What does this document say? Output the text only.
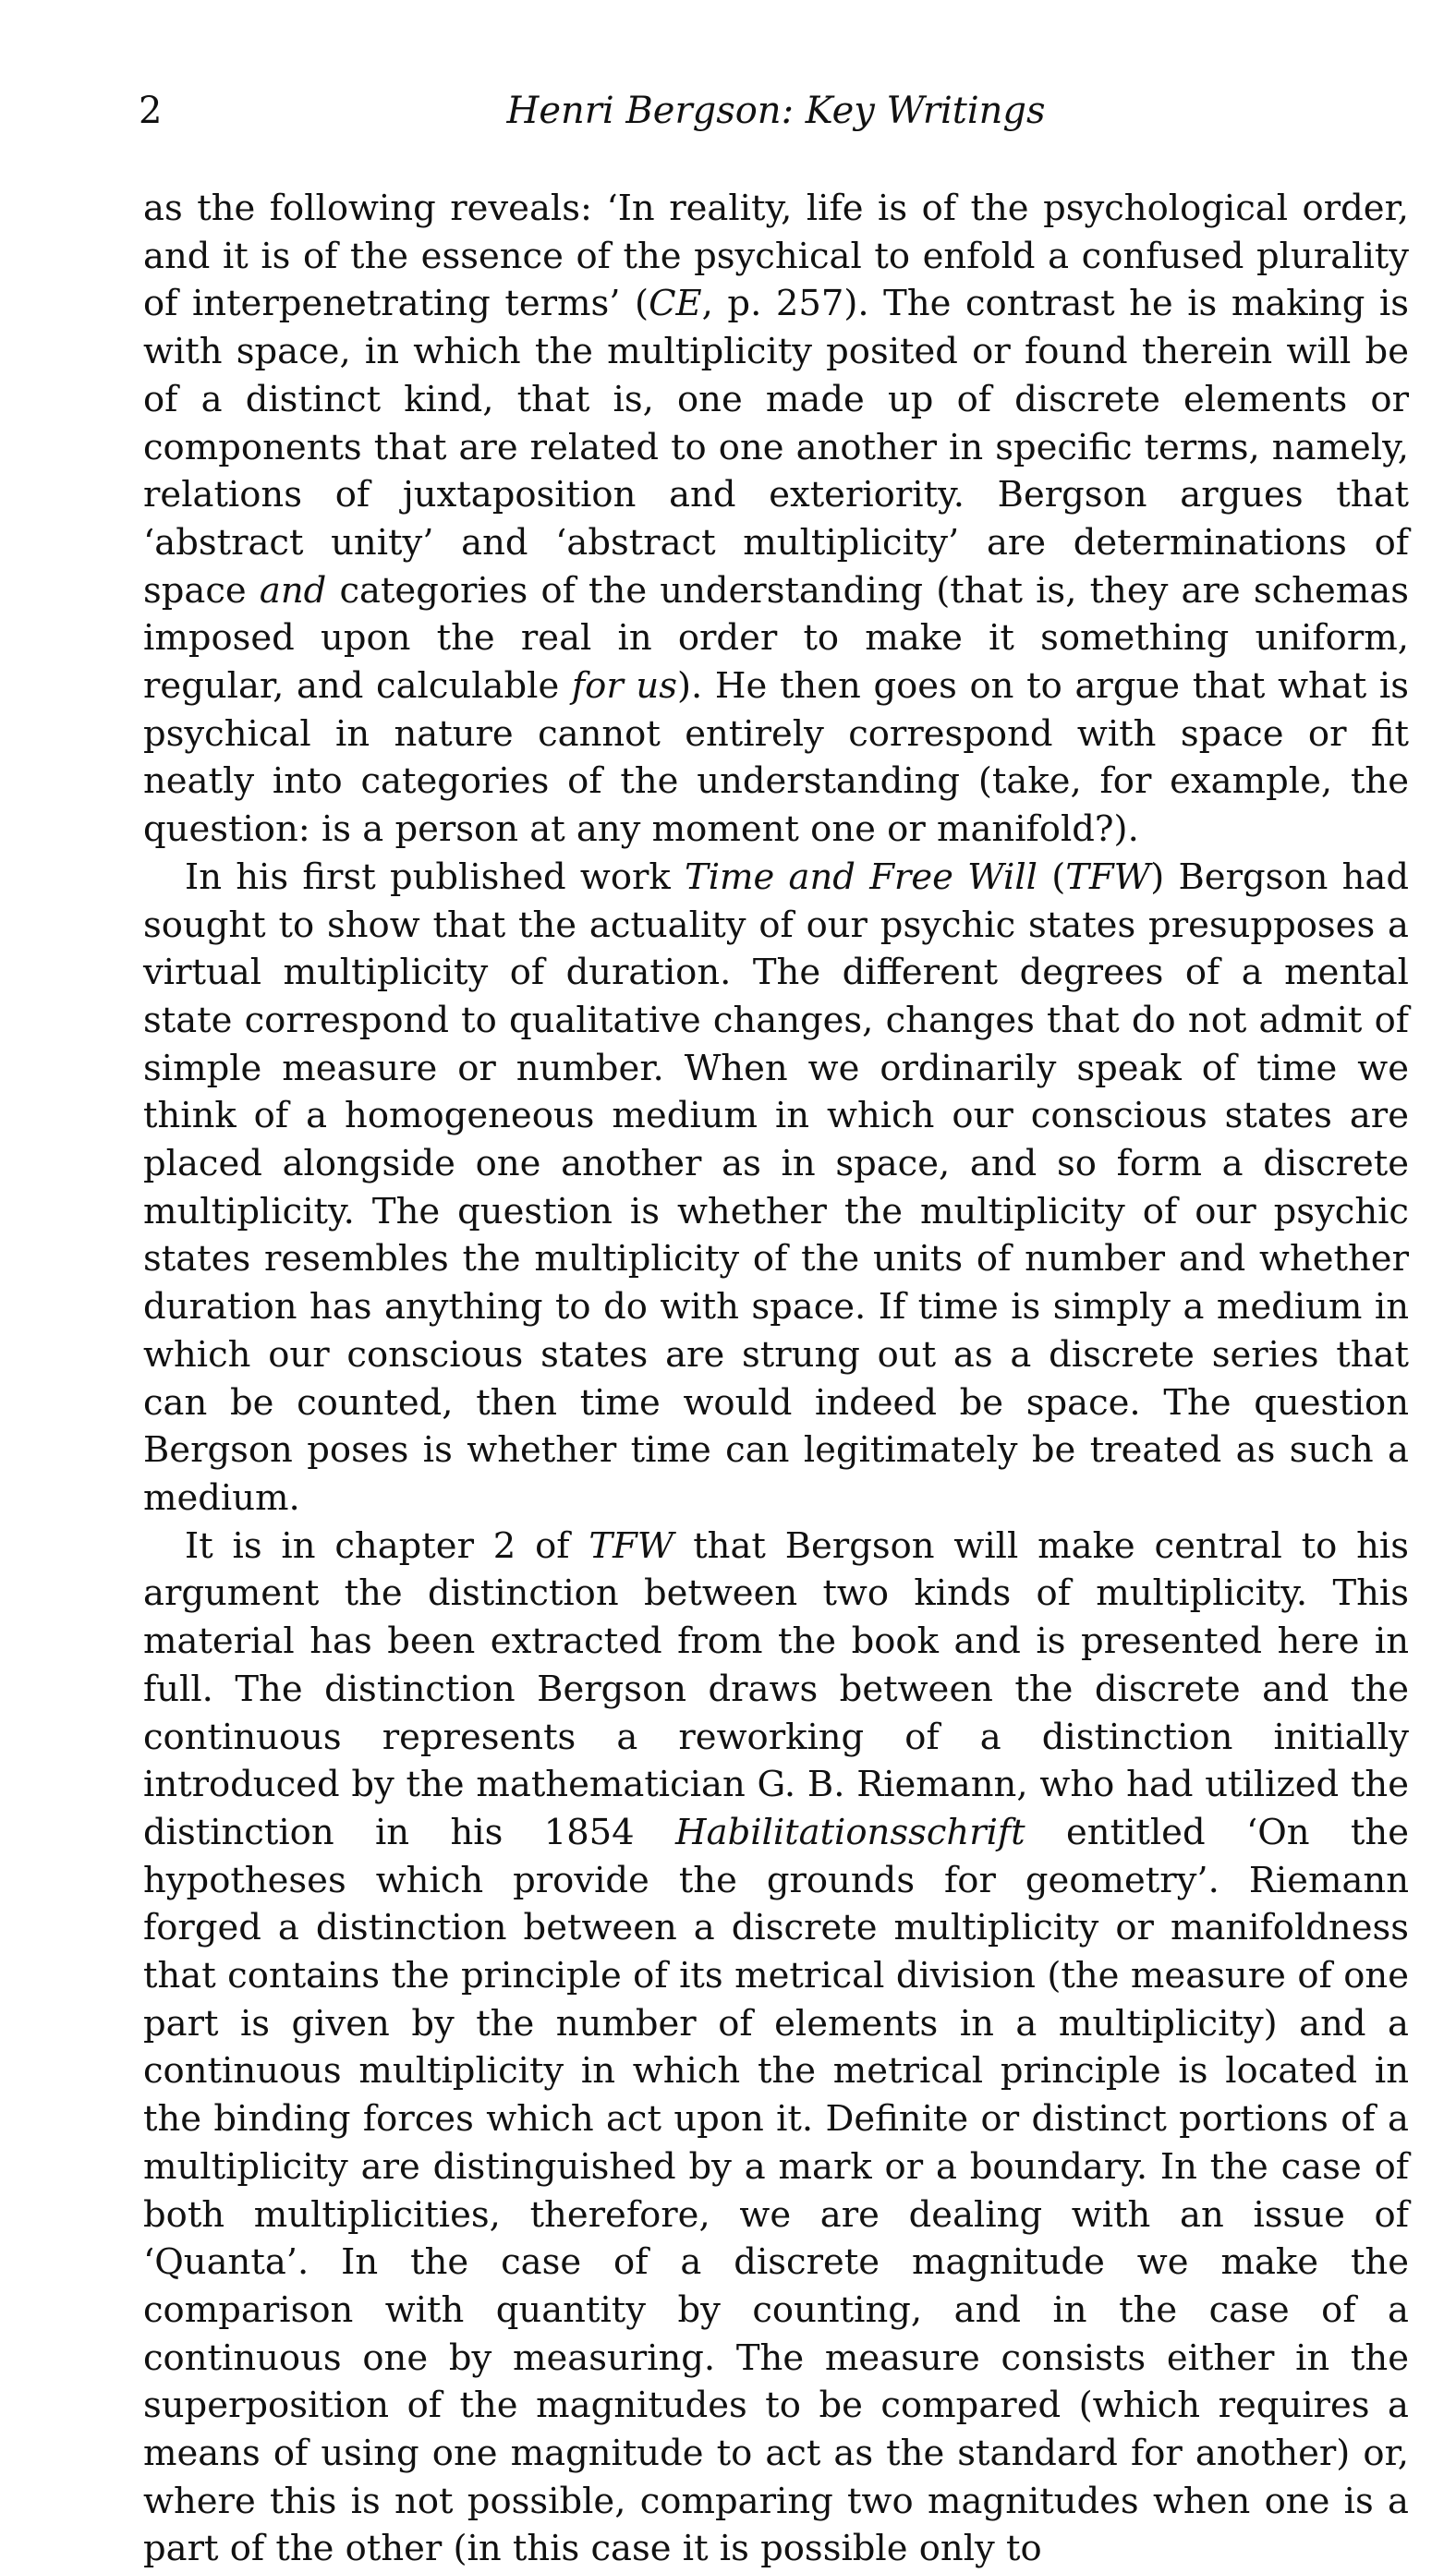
2	Henri Bergson: Key Writings

as the following reveals: ‘In reality, life is of the psychological order, and it is of the essence of the psychical to enfold a confused plurality of interpenetrating terms’ (CE, p. 257). The contrast he is making is with space, in which the multiplicity posited or found therein will be of a distinct kind, that is, one made up of discrete elements or components that are related to one another in specific terms, namely, relations of juxtaposition and exteriority. Bergson argues that ‘abstract unity’ and ‘abstract multiplicity’ are determinations of space and categories of the understanding (that is, they are schemas imposed upon the real in order to make it something uniform, regular, and calculable for us). He then goes on to argue that what is psychical in nature cannot entirely correspond with space or fit neatly into categories of the understanding (take, for example, the question: is a person at any moment one or manifold?).

In his first published work Time and Free Will (TFW) Bergson had sought to show that the actuality of our psychic states presupposes a virtual multiplicity of duration. The different degrees of a mental state correspond to qualitative changes, changes that do not admit of simple measure or number. When we ordinarily speak of time we think of a homogeneous medium in which our conscious states are placed alongside one another as in space, and so form a discrete multiplicity. The question is whether the multiplicity of our psychic states resembles the multiplicity of the units of number and whether duration has anything to do with space. If time is simply a medium in which our conscious states are strung out as a discrete series that can be counted, then time would indeed be space. The question Bergson poses is whether time can legitimately be treated as such a medium.

It is in chapter 2 of TFW that Bergson will make central to his argument the distinction between two kinds of multiplicity. This material has been extracted from the book and is presented here in full. The distinction Bergson draws between the discrete and the continuous represents a reworking of a distinction initially introduced by the mathematician G. B. Riemann, who had utilized the distinction in his 1854 Habilitationsschrift entitled ‘On the hypotheses which provide the grounds for geometry’. Riemann forged a distinction between a discrete multiplicity or manifoldness that contains the principle of its metrical division (the measure of one part is given by the number of elements in a multiplicity) and a continuous multiplicity in which the metrical principle is located in the binding forces which act upon it. Definite or distinct portions of a multiplicity are distinguished by a mark or a boundary. In the case of both multiplicities, therefore, we are dealing with an issue of ‘Quanta’. In the case of a discrete magnitude we make the comparison with quantity by counting, and in the case of a continuous one by measuring. The measure consists either in the superposition of the magnitudes to be compared (which requires a means of using one magnitude to act as the standard for another) or, where this is not possible, comparing two magnitudes when one is a part of the other (in this case it is possible only to
